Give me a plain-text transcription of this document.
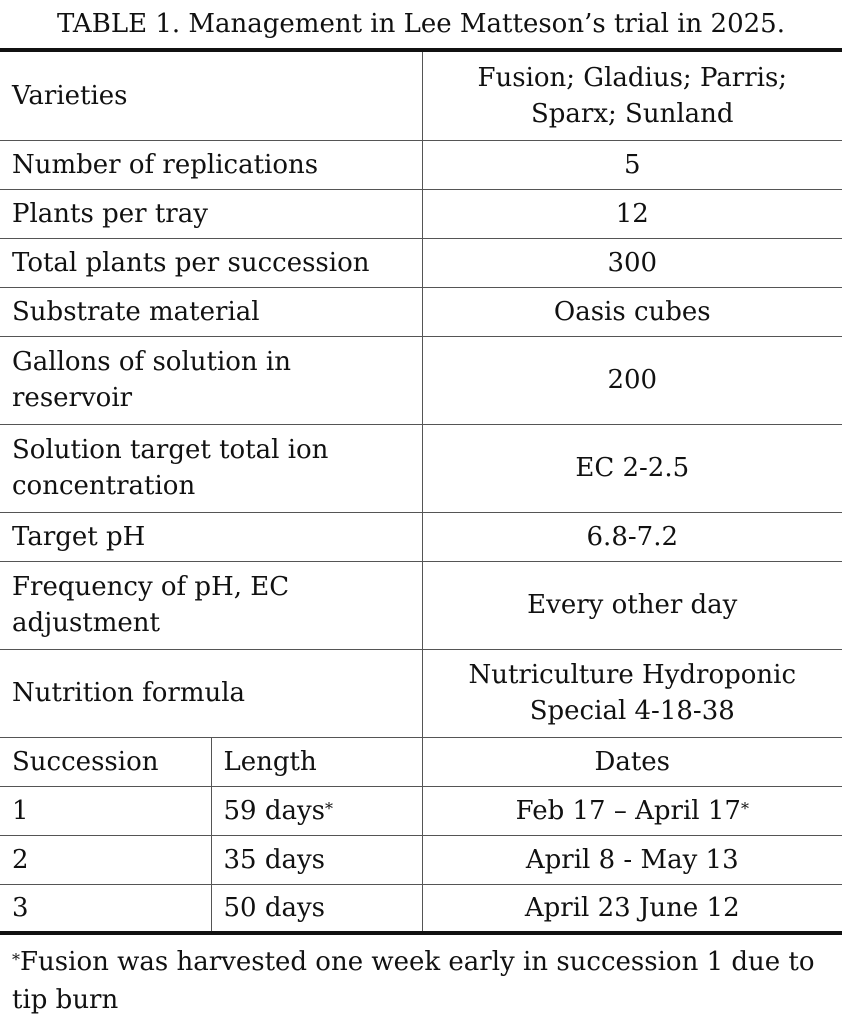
TABLE 1. Management in Lee Matteson’s trial in 2025.
Varieties		Fusion; Gladius; Parris; Sparx; Sunland
Number of replications		5
Plants per tray		12
Total plants per succession		300
Substrate material		Oasis cubes
Gallons of solution in reservoir		200
Solution target total ion concentration		EC 2-2.5
Target pH		6.8-7.2
Frequency of pH, EC adjustment		Every other day
Nutrition formula		Nutriculture Hydroponic Special 4-18-38
Succession	Length	Dates
1	59 days*	Feb 17 – April 17*
2	35 days	April 8 - May 13
3	50 days	April 23 June 12
*Fusion was harvested one week early in succession 1 due to tip burn
